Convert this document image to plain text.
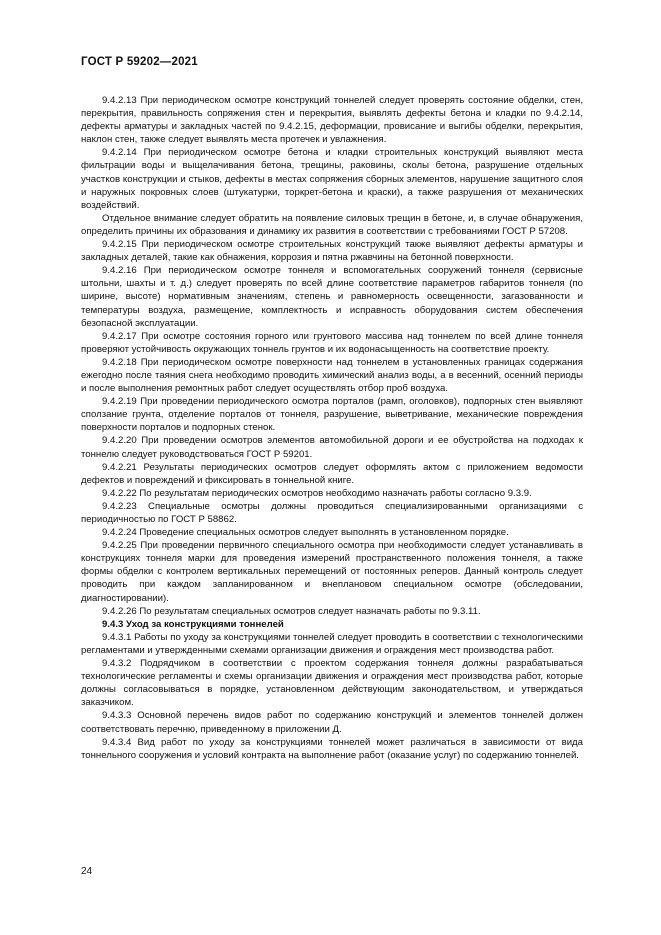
ГОСТ Р 59202—2021

9.4.2.13 При периодическом осмотре конструкций тоннелей следует проверять состояние обделки, стен, перекрытия, правильность сопряжения стен и перекрытия, выявлять дефекты бетона и кладки по 9.4.2.14, дефекты арматуры и закладных частей по 9.4.2.15, деформации, провисание и выгибы обделки, перекрытия, наклон стен, также следует выявлять места протечек и увлажнения.

9.4.2.14 При периодическом осмотре бетона и кладки строительных конструкций выявляют места фильтрации воды и выщелачивания бетона, трещины, раковины, сколы бетона, разрушение отдельных участков конструкции и стыков, дефекты в местах сопряжения сборных элементов, нарушение защитного слоя и наружных покровных слоев (штукатурки, торкрет-бетона и краски), а также разрушения от механических воздействий.

Отдельное внимание следует обратить на появление силовых трещин в бетоне, и, в случае обнаружения, определить причины их образования и динамику их развития в соответствии с требованиями ГОСТ Р 57208.

9.4.2.15 При периодическом осмотре строительных конструкций также выявляют дефекты арматуры и закладных деталей, такие как обнажения, коррозия и пятна ржавчины на бетонной поверхности.

9.4.2.16 При периодическом осмотре тоннеля и вспомогательных сооружений тоннеля (сервисные штольни, шахты и т. д.) следует проверять по всей длине соответствие параметров габаритов тоннеля (по ширине, высоте) нормативным значениям, степень и равномерность освещенности, загазованности и температуры воздуха, размещение, комплектность и исправность оборудования систем обеспечения безопасной эксплуатации.

9.4.2.17 При осмотре состояния горного или грунтового массива над тоннелем по всей длине тоннеля проверяют устойчивость окружающих тоннель грунтов и их водонасыщенность на соответствие проекту.

9.4.2.18 При периодическом осмотре поверхности над тоннелем в установленных границах содержания ежегодно после таяния снега необходимо проводить химический анализ воды, а в весенний, осенний периоды и после выполнения ремонтных работ следует осуществлять отбор проб воздуха.

9.4.2.19 При проведении периодического осмотра порталов (рамп, оголовков), подпорных стен выявляют сползание грунта, отделение порталов от тоннеля, разрушение, выветривание, механические повреждения поверхности порталов и подпорных стенок.

9.4.2.20 При проведении осмотров элементов автомобильной дороги и ее обустройства на подходах к тоннелю следует руководствоваться ГОСТ Р 59201.

9.4.2.21 Результаты периодических осмотров следует оформлять актом с приложением ведомости дефектов и повреждений и фиксировать в тоннельной книге.

9.4.2.22 По результатам периодических осмотров необходимо назначать работы согласно 9.3.9.

9.4.2.23 Специальные осмотры должны проводиться специализированными организациями с периодичностью по ГОСТ Р 58862.

9.4.2.24 Проведение специальных осмотров следует выполнять в установленном порядке.

9.4.2.25 При проведении первичного специального осмотра при необходимости следует устанавливать в конструкциях тоннеля марки для проведения измерений пространственного положения тоннеля, а также формы обделки с контролем вертикальных перемещений от постоянных реперов. Данный контроль следует проводить при каждом запланированном и внеплановом специальном осмотре (обследовании, диагностировании).

9.4.2.26 По результатам специальных осмотров следует назначать работы по 9.3.11.

9.4.3 Уход за конструкциями тоннелей

9.4.3.1 Работы по уходу за конструкциями тоннелей следует проводить в соответствии с технологическими регламентами и утвержденными схемами организации движения и ограждения мест производства работ.

9.4.3.2 Подрядчиком в соответствии с проектом содержания тоннеля должны разрабатываться технологические регламенты и схемы организации движения и ограждения мест производства работ, которые должны согласовываться в порядке, установленном действующим законодательством, и утверждаться заказчиком.

9.4.3.3 Основной перечень видов работ по содержанию конструкций и элементов тоннелей должен соответствовать перечню, приведенному в приложении Д.

9.4.3.4 Вид работ по уходу за конструкциями тоннелей может различаться в зависимости от вида тоннельного сооружения и условий контракта на выполнение работ (оказание услуг) по содержанию тоннелей.

24
